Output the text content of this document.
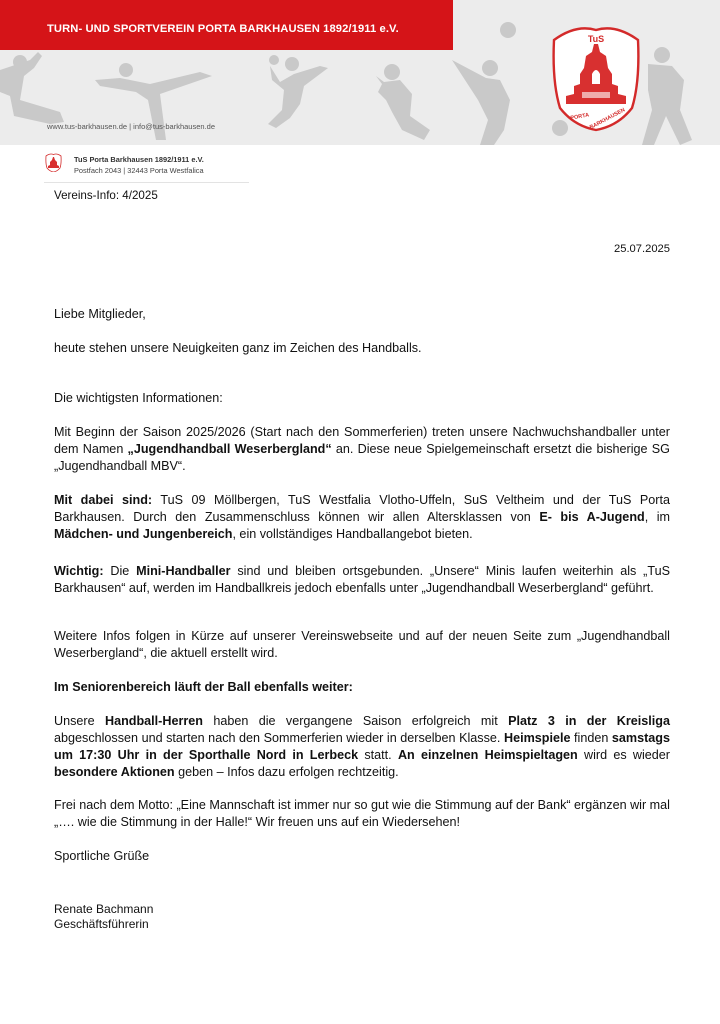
TURN- UND SPORTVEREIN PORTA BARKHAUSEN 1892/1911 e.V.
www.tus-barkhausen.de | info@tus-barkhausen.de
TuS
PORTA BARKHAUSEN
TuS Porta Barkhausen 1892/1911 e.V.
Postfach 2043 | 32443 Porta Westfalica
Vereins-Info: 4/2025
25.07.2025

Liebe Mitglieder,

heute stehen unsere Neuigkeiten ganz im Zeichen des Handballs.

Die wichtigsten Informationen:

Mit Beginn der Saison 2025/2026 (Start nach den Sommerferien) treten unsere Nachwuchshandballer unter dem Namen „Jugendhandball Weserbergland“ an. Diese neue Spielgemeinschaft ersetzt die bisherige SG „Jugendhandball MBV“.

Mit dabei sind: TuS 09 Möllbergen, TuS Westfalia Vlotho-Uffeln, SuS Veltheim und der TuS Porta Barkhausen. Durch den Zusammenschluss können wir allen Altersklassen von E- bis A-Jugend, im Mädchen- und Jungenbereich, ein vollständiges Handballangebot bieten.

Wichtig: Die Mini-Handballer sind und bleiben ortsgebunden. „Unsere“ Minis laufen weiterhin als „TuS Barkhausen“ auf, werden im Handballkreis jedoch ebenfalls unter „Jugendhandball Weserbergland“ geführt.

Weitere Infos folgen in Kürze auf unserer Vereinswebseite und auf der neuen Seite zum „Jugendhandball Weserbergland“, die aktuell erstellt wird.

Im Seniorenbereich läuft der Ball ebenfalls weiter:

Unsere Handball-Herren haben die vergangene Saison erfolgreich mit Platz 3 in der Kreisliga abgeschlossen und starten nach den Sommerferien wieder in derselben Klasse. Heimspiele finden samstags um 17:30 Uhr in der Sporthalle Nord in Lerbeck statt. An einzelnen Heimspieltagen wird es wieder besondere Aktionen geben – Infos dazu erfolgen rechtzeitig.

Frei nach dem Motto: „Eine Mannschaft ist immer nur so gut wie die Stimmung auf der Bank“ ergänzen wir mal „…. wie die Stimmung in der Halle!“ Wir freuen uns auf ein Wiedersehen!

Sportliche Grüße

Renate Bachmann

Geschäftsführerin
